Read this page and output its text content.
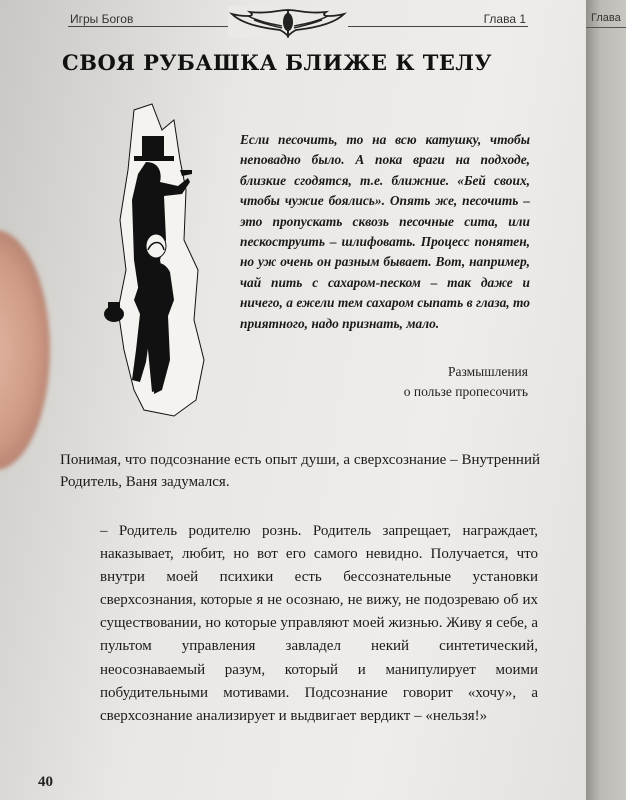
Глава
Игры Богов	Глава 1
СВОЯ РУБАШКА БЛИЖЕ К ТЕЛУ
Если песочить, то на всю катушку, чтобы неповадно было. А пока враги на подходе, близкие сгодятся, т.е. ближние. «Бей своих, чтобы чужие боялись». Опять же, песочить – это пропускать сквозь песочные сита, или пескоструить – шлифовать. Процесс понятен, но уж очень он разным бывает. Вот, например, чай пить с сахаром-песком – так даже и ничего, а ежели тем сахаром сыпать в глаза, то приятного, надо признать, мало.
Размышления
о пользе пропесочить
Понимая, что подсознание есть опыт души, а сверхсознание – Внутренний Родитель, Ваня задумался.
– Родитель родителю рознь. Родитель запрещает, награждает, наказывает, любит, но вот его самого невидно. Получается, что внутри моей психики есть бессознательные установки сверхсознания, которые я не осознаю, не вижу, не подозреваю об их существовании, но которые управляют моей жизнью. Живу я себе, а пультом управления завладел некий синтетический, неосознаваемый разум, который и манипулирует моими побудительными мотивами. Подсознание говорит «хочу», а сверхсознание анализирует и выдвигает вердикт – «нельзя!»
40
